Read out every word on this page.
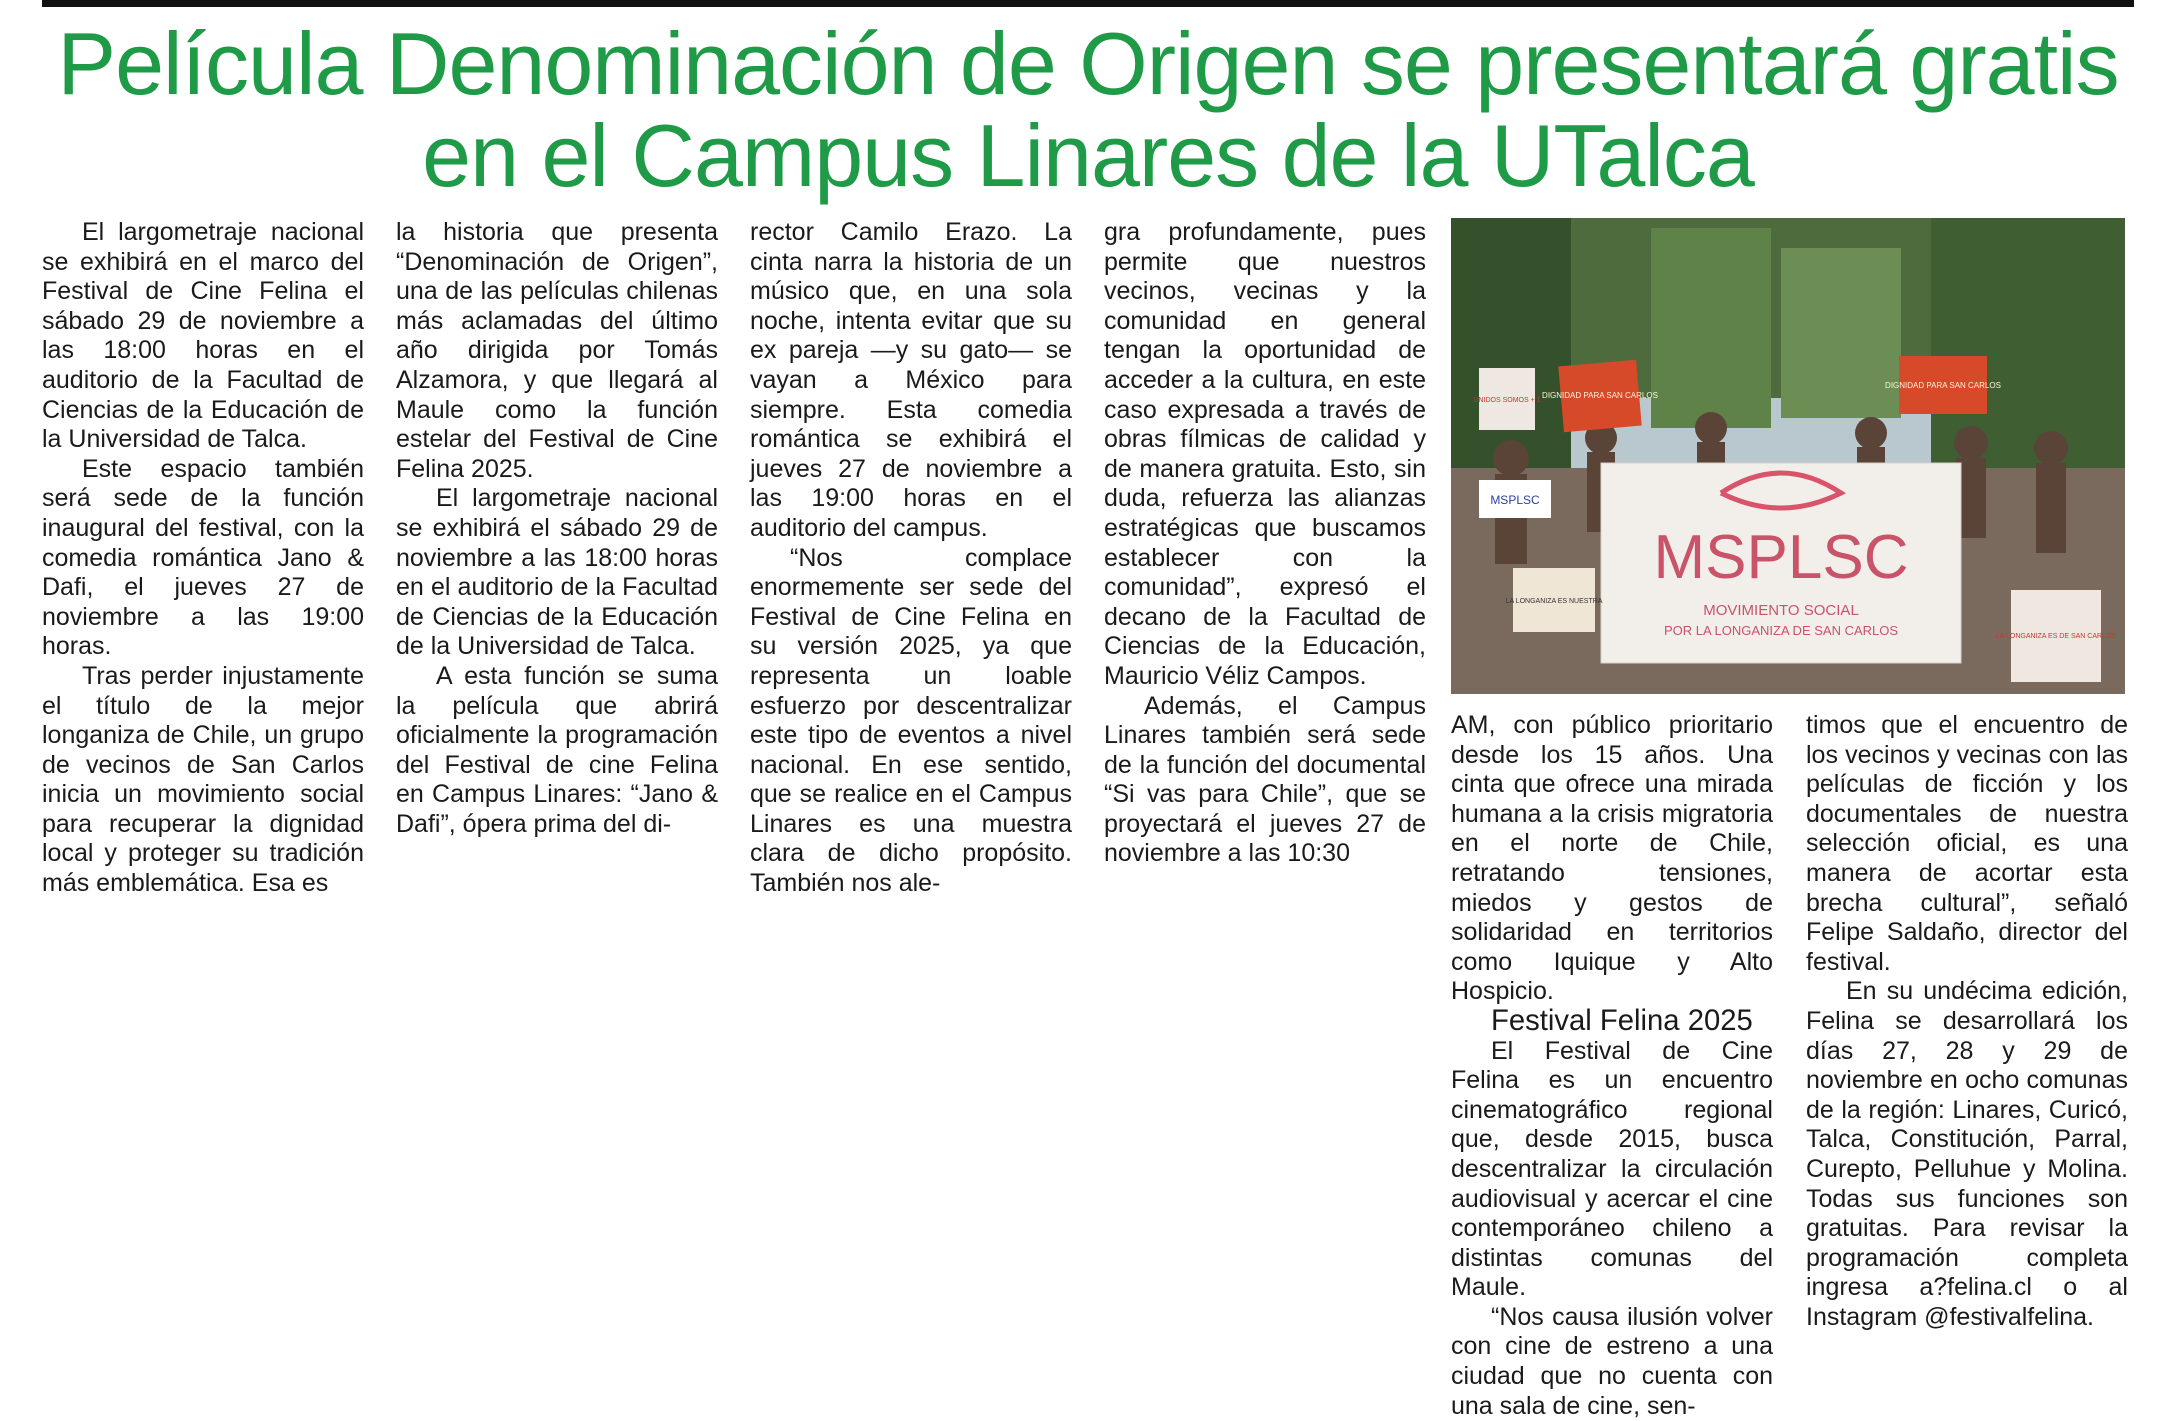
Película Denominación de Origen se presentará gratis
en el Campus Linares de la UTalca

El largometraje nacional se exhibirá en el marco del Festival de Cine Felina el sábado 29 de noviembre a las 18:00 horas en el auditorio de la Facultad de Ciencias de la Educación de la Universidad de Talca.

Este espacio también será sede de la función inaugural del festival, con la comedia romántica Jano & Dafi, el jueves 27 de noviembre a las 19:00 horas.

Tras perder injustamente el título de la mejor longaniza de Chile, un grupo de vecinos de San Carlos inicia un movimiento social para recuperar la dignidad local y proteger su tradición más emblemática. Esa es

la historia que presenta “Denominación de Origen”, una de las películas chilenas más aclamadas del último año dirigida por Tomás Alzamora, y que llegará al Maule como la función estelar del Festival de Cine Felina 2025.

El largometraje nacional se exhibirá el sábado 29 de noviembre a las 18:00 horas en el auditorio de la Facultad de Ciencias de la Educación de la Universidad de Talca.

A esta función se suma la película que abrirá oficialmente la programación del Festival de cine Felina en Campus Linares: “Jano & Dafi”, ópera prima del di-

rector Camilo Erazo. La cinta narra la historia de un músico que, en una sola noche, intenta evitar que su ex pareja —y su gato— se vayan a México para siempre. Esta comedia romántica se exhibirá el jueves 27 de noviembre a las 19:00 horas en el auditorio del campus.

“Nos complace enormemente ser sede del Festival de Cine Felina en su versión 2025, ya que representa un loable esfuerzo por descentralizar este tipo de eventos a nivel nacional. En ese sentido, que se realice en el Campus Linares es una muestra clara de dicho propósito. También nos ale-

gra profundamente, pues permite que nuestros vecinos, vecinas y la comunidad en general tengan la oportunidad de acceder a la cultura, en este caso expresada a través de obras fílmicas de calidad y de manera gratuita. Esto, sin duda, refuerza las alianzas estratégicas que buscamos establecer con la comunidad”, expresó el decano de la Facultad de Ciencias de la Educación, Mauricio Véliz Campos.

Además, el Campus Linares también será sede de la función del documental “Si vas para Chile”, que se proyectará el jueves 27 de noviembre a las 10:30

MSPLSC
MOVIMIENTO SOCIAL
POR LA LONGANIZA DE SAN CARLOS
DIGNIDAD PARA SAN CARLOS
DIGNIDAD PARA SAN CARLOS
UNIDOS SOMOS + 1
MSPLSC
LA LONGANIZA ES NUESTRA
LA LONGANIZA ES DE SAN CARLOS

AM, con público prioritario desde los 15 años. Una cinta que ofrece una mirada humana a la crisis migratoria en el norte de Chile, retratando tensiones, miedos y gestos de solidaridad en territorios como Iquique y Alto Hospicio.

Festival Felina 2025

El Festival de Cine Felina es un encuentro cinematográfico regional que, desde 2015, busca descentralizar la circulación audiovisual y acercar el cine contemporáneo chileno a distintas comunas del Maule.

“Nos causa ilusión volver con cine de estreno a una ciudad que no cuenta con una sala de cine, sen-

timos que el encuentro de los vecinos y vecinas con las películas de ficción y los documentales de nuestra selección oficial, es una manera de acortar esta brecha cultural”, señaló Felipe Saldaño, director del festival.

En su undécima edición, Felina se desarrollará los días 27, 28 y 29 de noviembre en ocho comunas de la región: Linares, Curicó, Talca, Constitución, Parral, Curepto, Pelluhue y Molina. Todas sus funciones son gratuitas. Para revisar la programación completa ingresa a?felina.cl o al Instagram @festivalfelina.
